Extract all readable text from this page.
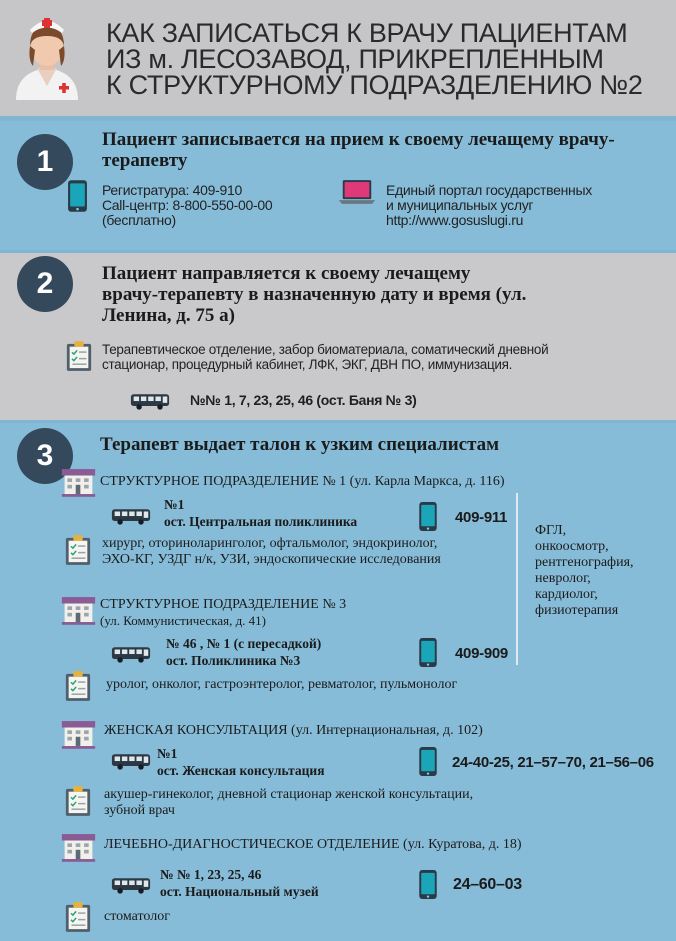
КАК ЗАПИСАТЬСЯ К ВРАЧУ ПАЦИЕНТАМ
ИЗ м. ЛЕСОЗАВОД, ПРИКРЕПЛЕННЫМ
К СТРУКТУРНОМУ ПОДРАЗДЕЛЕНИЮ №2
1
Пациент записывается на прием к своему лечащему врачу-терапевту
Регистратура: 409-910
Call-центр: 8-800-550-00-00
(бесплатно)
Единый портал государственных
и муниципальных услуг
http://www.gosuslugi.ru
2	Пациент направляется к своему лечащему
врачу-терапевту в назначенную дату и время (ул.
Ленина, д. 75 а)
Терапевтическое отделение, забор биоматериала, соматический дневной
стационар, процедурный кабинет, ЛФК, ЭКГ, ДВН ПО, иммунизация.
№№ 1, 7, 23, 25, 46 (ост. Баня № 3)
3	Терапевт выдает талон к узким специалистам
СТРУКТУРНОЕ ПОДРАЗДЕЛЕНИЕ № 1 (ул. Карла Маркса, д. 116)
№1
ост. Центральная поликлиника	409-911
хирург, оториноларинголог, офтальмолог, эндокринолог,
ЭХО-КГ, УЗДГ н/к, УЗИ, эндоскопические исследования
СТРУКТУРНОЕ ПОДРАЗДЕЛЕНИЕ № 3
(ул. Коммунистическая, д. 41)
№ 46 , № 1 (с пересадкой)
ост. Поликлиника №3	409-909
уролог, онколог, гастроэнтеролог, ревматолог, пульмонолог
ЖЕНСКАЯ КОНСУЛЬТАЦИЯ (ул. Интернациональная, д. 102)
№1
ост. Женская консультация	24-40-25, 21–57–70, 21–56–06
акушер-гинеколог, дневной стационар женской консультации,
зубной врач
ЛЕЧЕБНО-ДИАГНОСТИЧЕСКОЕ ОТДЕЛЕНИЕ (ул. Куратова, д. 18)
№ № 1, 23, 25, 46
ост. Национальный музей	24–60–03
стоматолог
ФГЛ,
онкоосмотр,
рентгенография,
невролог,
кардиолог,
физиотерапия
